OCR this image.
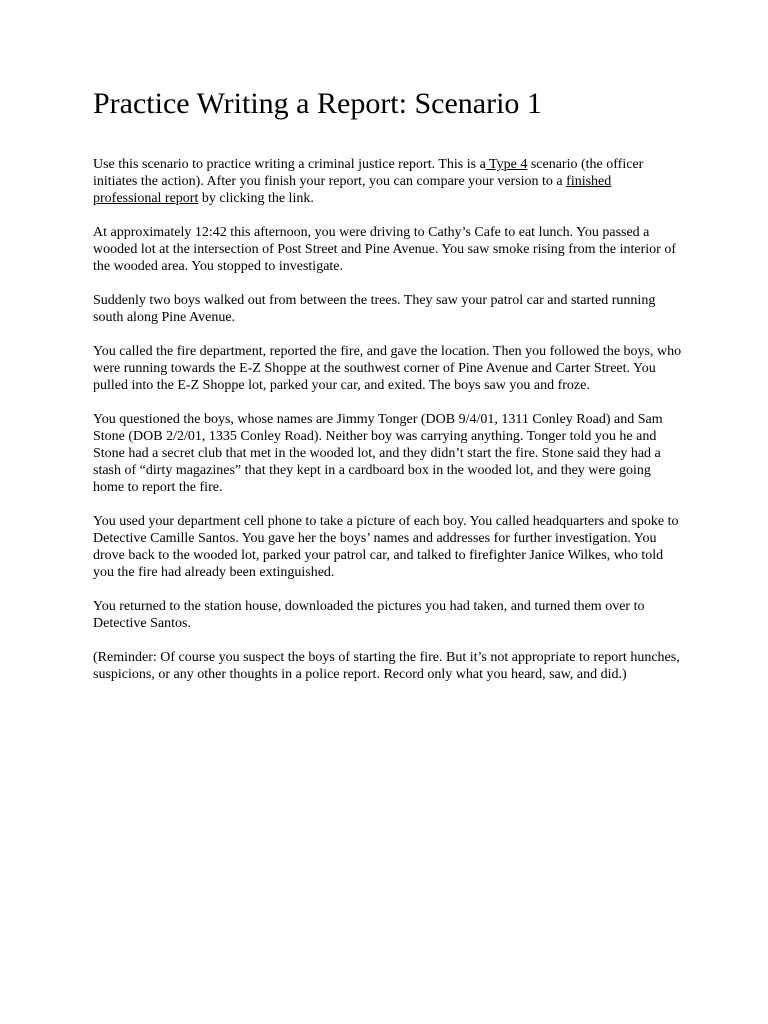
Practice Writing a Report: Scenario 1

Use this scenario to practice writing a criminal justice report. This is a Type 4 scenario (the officer initiates the action). After you finish your report, you can compare your version to a finished professional report by clicking the link.

At approximately 12:42 this afternoon, you were driving to Cathy’s Cafe to eat lunch. You passed a wooded lot at the intersection of Post Street and Pine Avenue. You saw smoke rising from the interior of the wooded area. You stopped to investigate.

Suddenly two boys walked out from between the trees. They saw your patrol car and started running south along Pine Avenue.

You called the fire department, reported the fire, and gave the location. Then you followed the boys, who were running towards the E-Z Shoppe at the southwest corner of Pine Avenue and Carter Street. You pulled into the E-Z Shoppe lot, parked your car, and exited. The boys saw you and froze.

You questioned the boys, whose names are Jimmy Tonger (DOB 9/4/01, 1311 Conley Road) and Sam Stone (DOB 2/2/01, 1335 Conley Road). Neither boy was carrying anything. Tonger told you he and Stone had a secret club that met in the wooded lot, and they didn’t start the fire. Stone said they had a stash of “dirty magazines” that they kept in a cardboard box in the wooded lot, and they were going home to report the fire.

You used your department cell phone to take a picture of each boy. You called headquarters and spoke to Detective Camille Santos. You gave her the boys’ names and addresses for further investigation. You drove back to the wooded lot, parked your patrol car, and talked to firefighter Janice Wilkes, who told you the fire had already been extinguished.

You returned to the station house, downloaded the pictures you had taken, and turned them over to Detective Santos.

(Reminder: Of course you suspect the boys of starting the fire. But it’s not appropriate to report hunches, suspicions, or any other thoughts in a police report. Record only what you heard, saw, and did.)
